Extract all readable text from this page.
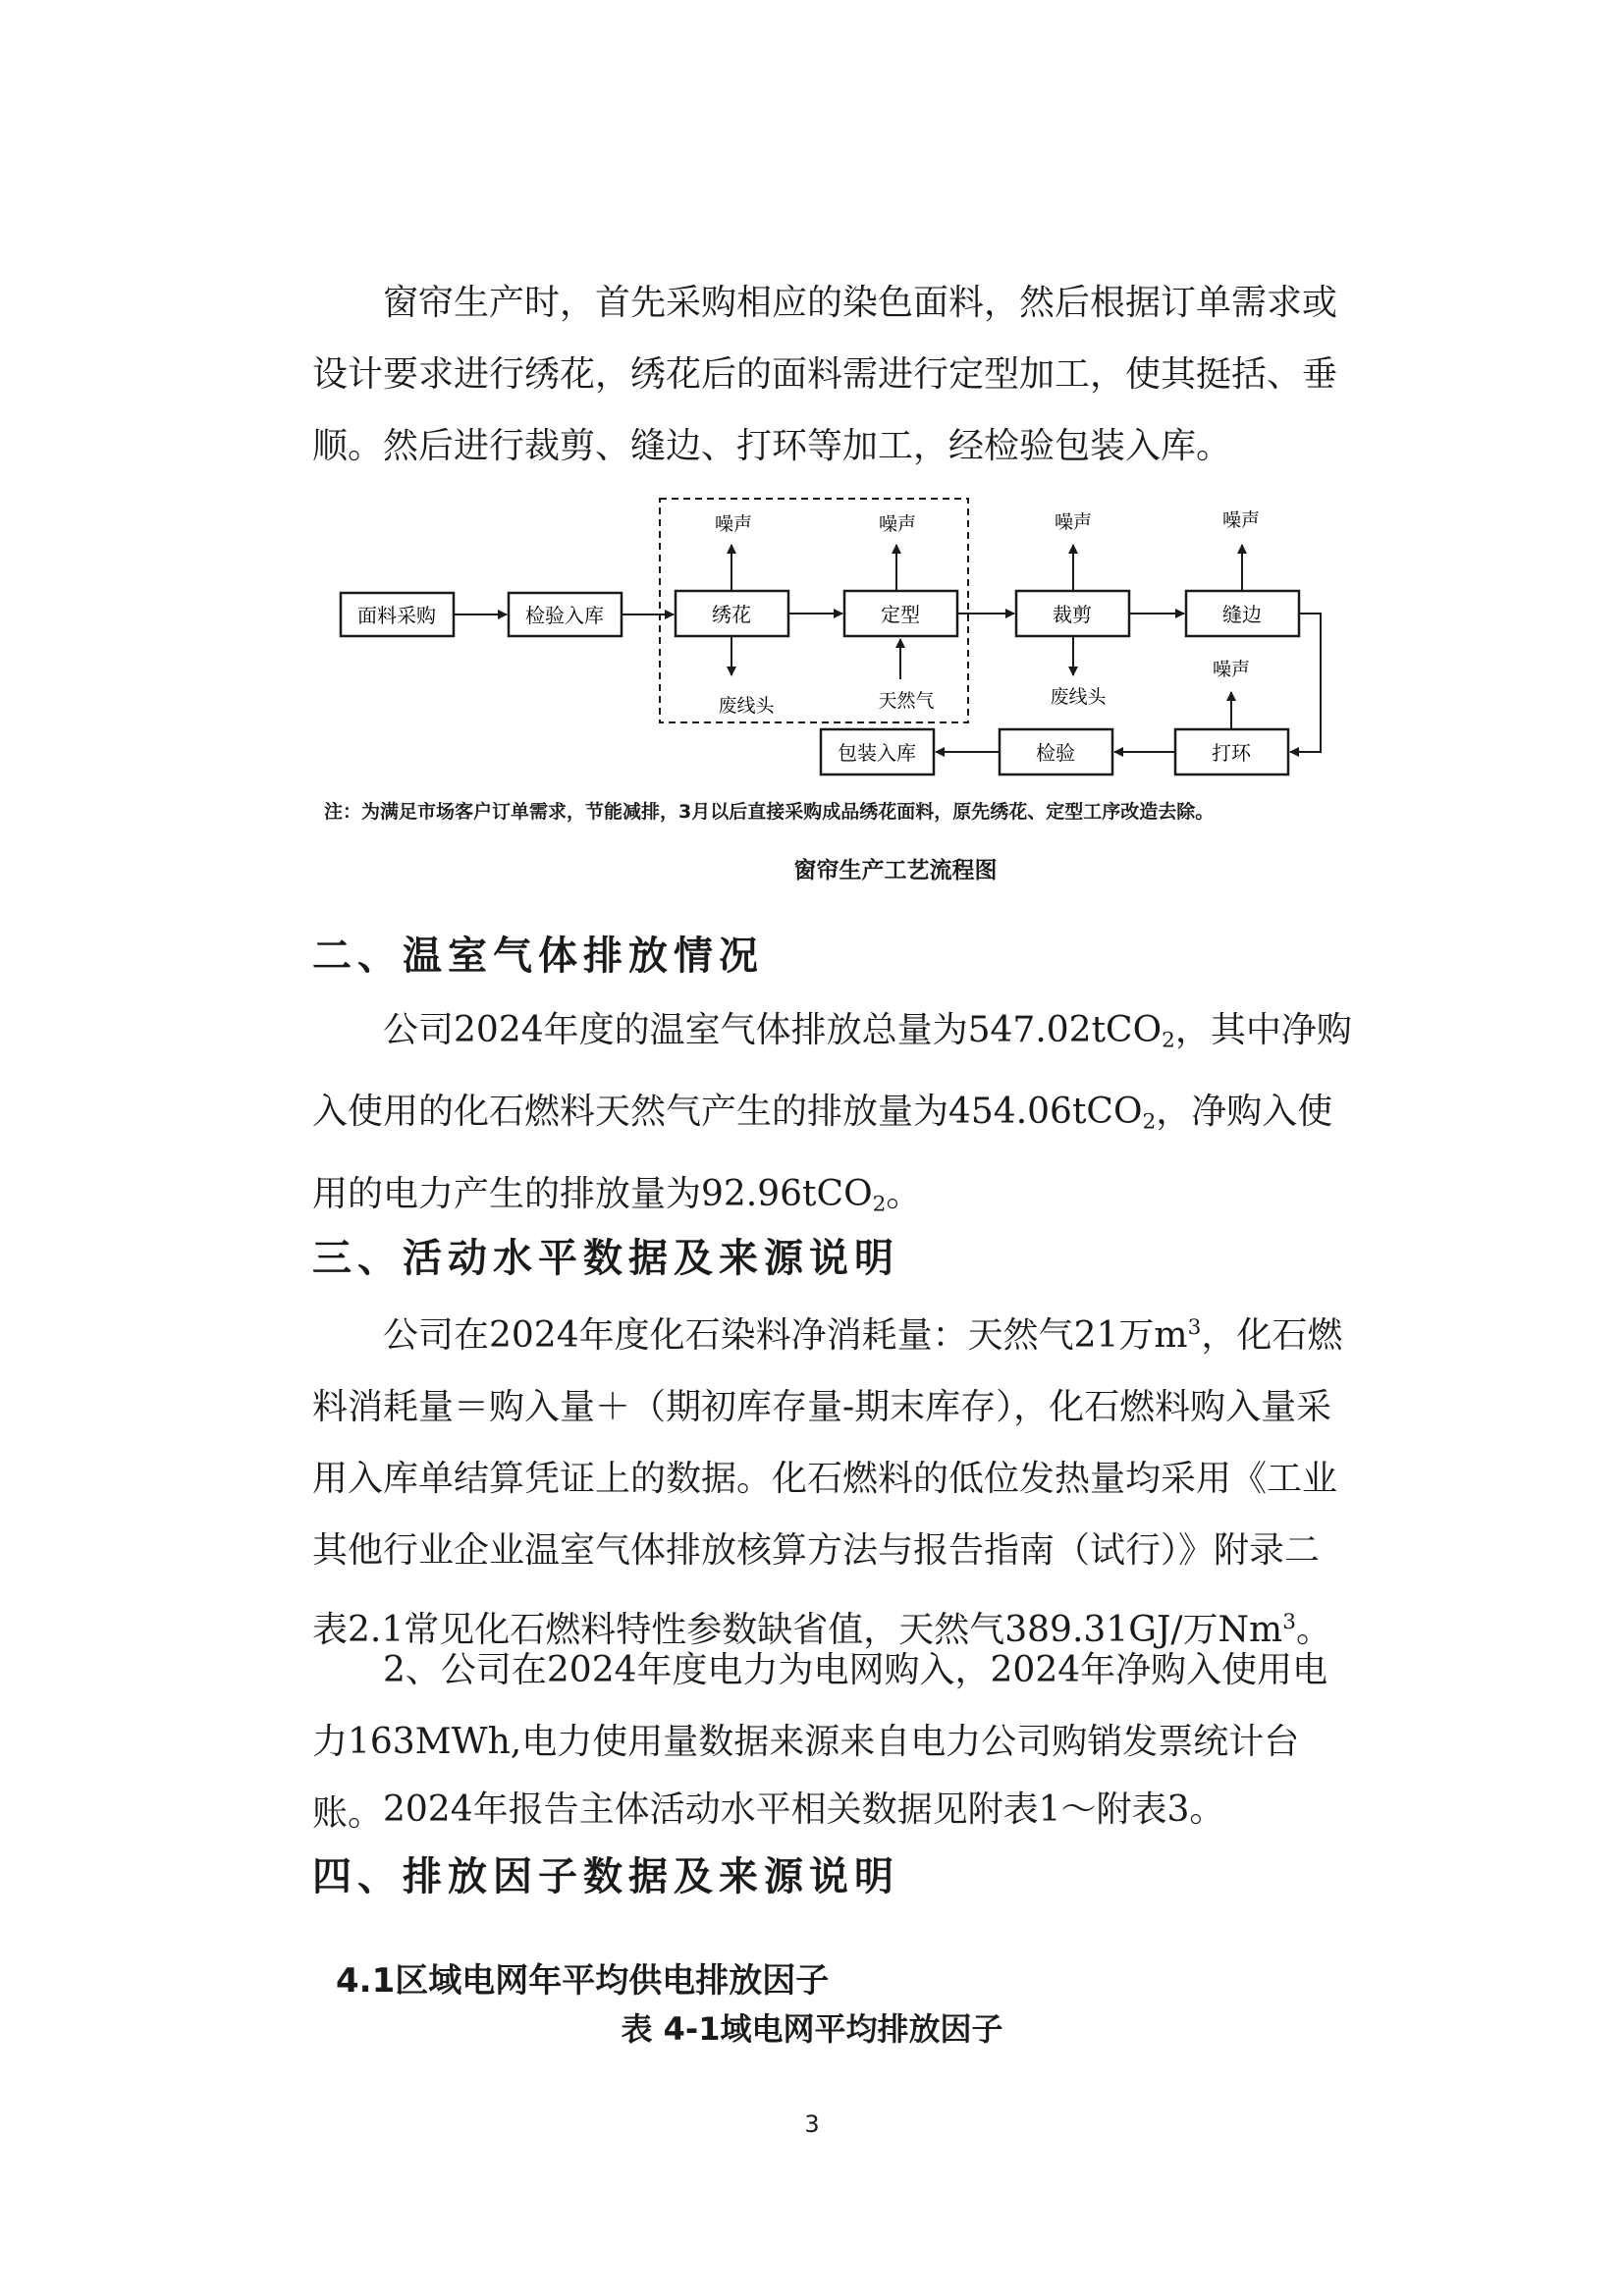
窗帘生产时，首先采购相应的染色面料，然后根据订单需求或设计要求进行绣花，绣花后的面料需进行定型加工，使其挺括、垂顺。然后进行裁剪、缝边、打环等加工，经检验包装入库。

面料采购	检验入库	绣花	定型	裁剪	缝边
打环
检验
包装入库
噪声	噪声	噪声	噪声
噪声
废线头	废线头
天然气
注：为满足市场客户订单需求，节能减排，3月以后直接采购成品绣花面料，原先绣花、定型工序改造去除。
窗帘生产工艺流程图
二、温室气体排放情况

公司2024年度的温室气体排放总量为547.02tCO$_2$，其中净购入使用的化石燃料天然气产生的排放量为454.06tCO$_2$，净购入使用的电力产生的排放量为92.96tCO$_2$。

三、活动水平数据及来源说明

公司在2024年度化石染料净消耗量：天然气21万$m^3$，化石燃料消耗量＝购入量＋（期初库存量-期末库存），化石燃料购入量采用入库单结算凭证上的数据。化石燃料的低位发热量均采用《工业其他行业企业温室气体排放核算方法与报告指南（试行）》附录二表2.1常见化石燃料特性参数缺省值，天然气389.31GJ/万Nm$^3$。

2、公司在2024年度电力为电网购入，2024年净购入使用电力163MWh,电力使用量数据来源来自电力公司购销发票统计台账。 2024年报告主体活动水平相关数据见附表1～附表3。

四、排放因子数据及来源说明
4.1区域电网年平均供电排放因子
表 4-1域电网平均排放因子
3
